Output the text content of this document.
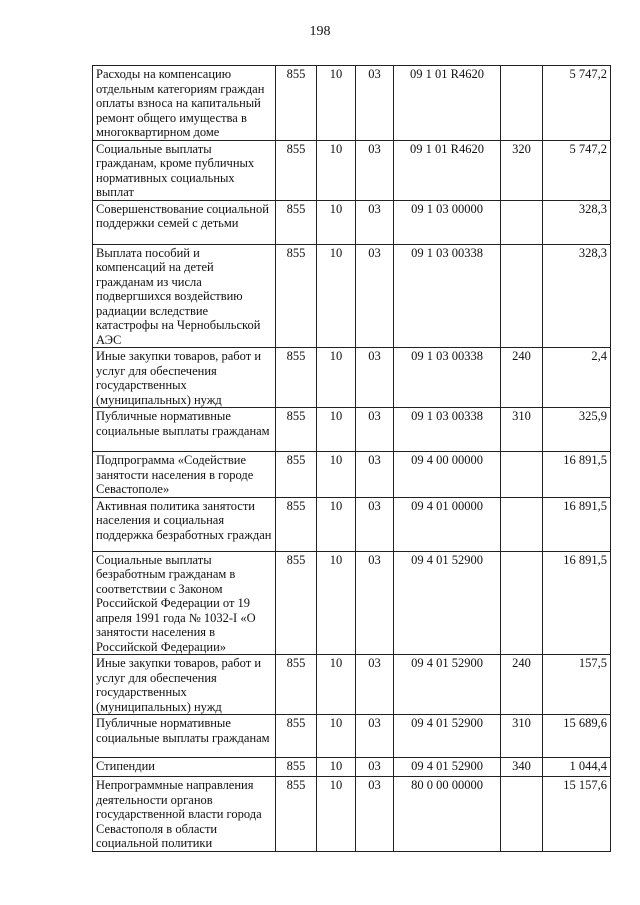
198
Расходы на компенсацию отдельным категориям граждан оплаты взноса на капитальный ремонт общего имущества в многоквартирном доме	855	10	03	09 1 01 R4620		5 747,2
Социальные выплаты гражданам, кроме публичных нормативных социальных выплат	855	10	03	09 1 01 R4620	320	5 747,2
Совершенствование социальной поддержки семей с детьми	855	10	03	09 1 03 00000		328,3
Выплата пособий и компенсаций на детей гражданам из числа подвергшихся воздействию радиации вследствие катастрофы на Чернобыльской АЭС	855	10	03	09 1 03 00338		328,3
Иные закупки товаров, работ и услуг для обеспечения государственных (муниципальных) нужд	855	10	03	09 1 03 00338	240	2,4
Публичные нормативные социальные выплаты гражданам	855	10	03	09 1 03 00338	310	325,9
Подпрограмма «Содействие занятости населения в городе Севастополе»	855	10	03	09 4 00 00000		16 891,5
Активная политика занятости населения и социальная поддержка безработных граждан	855	10	03	09 4 01 00000		16 891,5
Социальные выплаты безработным гражданам в соответствии с Законом Российской Федерации от 19 апреля 1991 года № 1032-I «О занятости населения в Российской Федерации»	855	10	03	09 4 01 52900		16 891,5
Иные закупки товаров, работ и услуг для обеспечения государственных (муниципальных) нужд	855	10	03	09 4 01 52900	240	157,5
Публичные нормативные социальные выплаты гражданам	855	10	03	09 4 01 52900	310	15 689,6
Стипендии	855	10	03	09 4 01 52900	340	1 044,4
Непрограммные направления деятельности органов государственной власти города Севастополя в области социальной политики	855	10	03	80 0 00 00000		15 157,6
